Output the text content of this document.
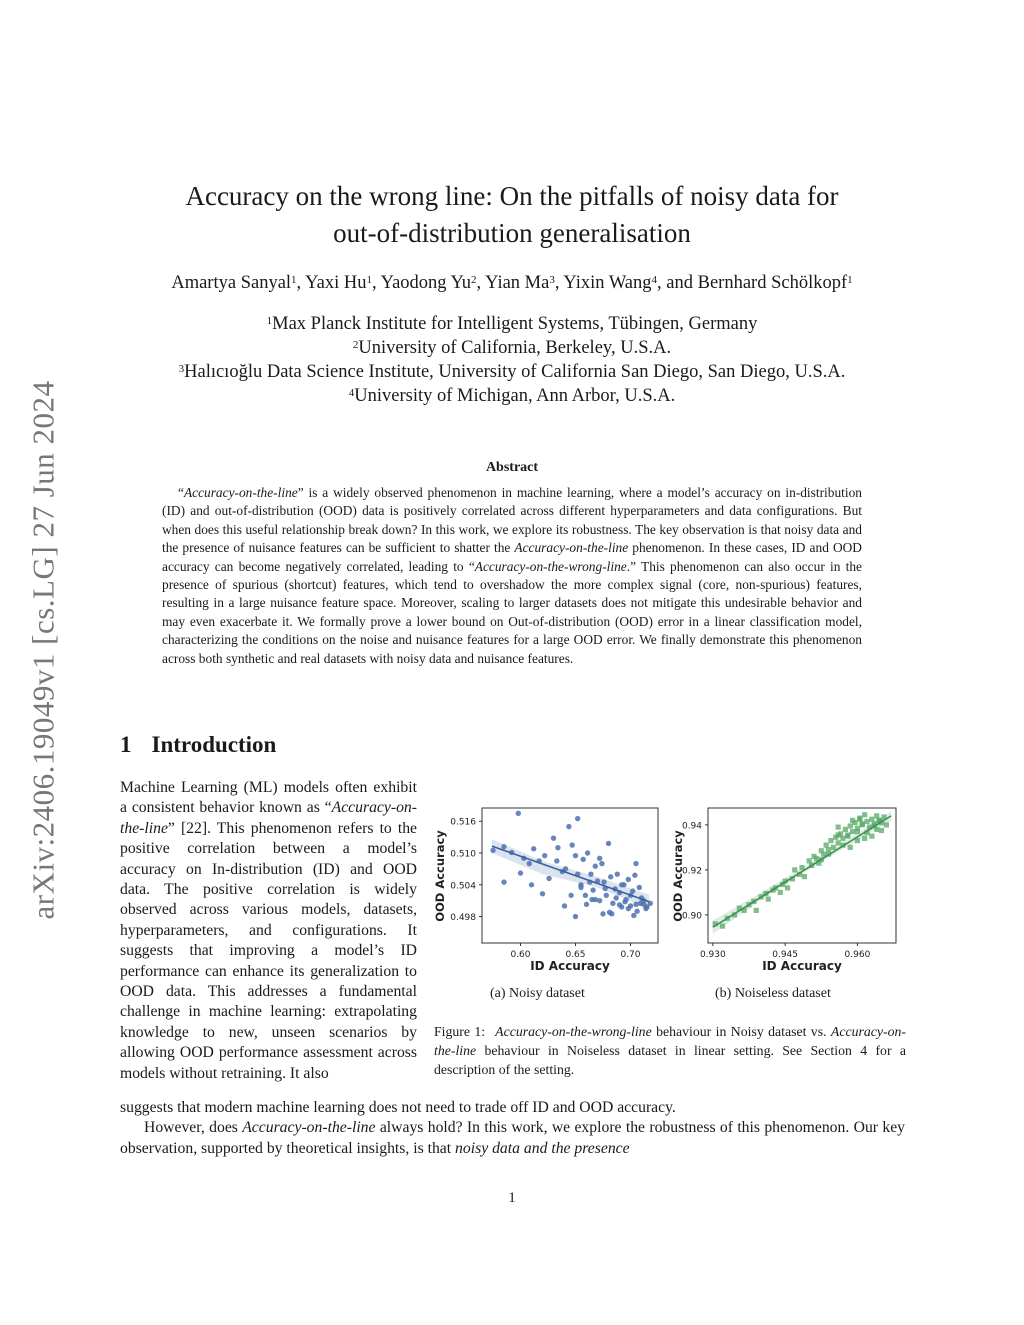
arXiv:2406.19049v1 [cs.LG] 27 Jun 2024
Accuracy on the wrong line: On the pitfalls of noisy data for
out-of-distribution generalisation
Amartya Sanyal$^1$, Yaxi Hu$^1$, Yaodong Yu$^2$, Yian Ma$^3$, Yixin Wang$^4$, and Bernhard Schölkopf$^1$
$^1$Max Planck Institute for Intelligent Systems, Tübingen, Germany
$^2$University of California, Berkeley, U.S.A.
$^3$Halıcıoğlu Data Science Institute, University of California San Diego, San Diego, U.S.A.
$^4$University of Michigan, Ann Arbor, U.S.A.
Abstract

“Accuracy-on-the-line” is a widely observed phenomenon in machine learning, where a model’s accuracy on in-distribution (ID) and out-of-distribution (OOD) data is positively correlated across different hyperparameters and data configurations. But when does this useful relationship break down? In this work, we explore its robustness. The key observation is that noisy data and the presence of nuisance features can be sufficient to shatter the Accuracy-on-the-line phenomenon. In these cases, ID and OOD accuracy can become negatively correlated, leading to “Accuracy-on-the-wrong-line.” This phenomenon can also occur in the presence of spurious (shortcut) features, which tend to overshadow the more complex signal (core, non-spurious) features, resulting in a large nuisance feature space. Moreover, scaling to larger datasets does not mitigate this undesirable behavior and may even exacerbate it. We formally prove a lower bound on Out-of-distribution (OOD) error in a linear classification model, characterizing the conditions on the noise and nuisance features for a large OOD error. We finally demonstrate this phenomenon across both synthetic and real datasets with noisy data and nuisance features.

1 Introduction

Machine Learning (ML) models often exhibit a consistent behavior known as “Accuracy-on-the-line” [22]. This phenomenon refers to the positive correlation between a model’s accuracy on In-distribution (ID) and OOD data. The positive correlation is widely observed across various models, datasets, hyperparameters, and configurations. It suggests that improving a model’s ID performance can enhance its generalization to OOD data. This addresses a fundamental challenge in machine learning: extrapolating knowledge to new, unseen scenarios by allowing OOD performance assessment across models without retraining. It also

suggests that modern machine learning does not need to trade off ID and OOD accuracy.

However, does Accuracy-on-the-line always hold? In this work, we explore the robustness of this phenomenon. Our key observation, supported by theoretical insights, is that noisy data and the presence

0.498
0.504
0.510
0.516
0.60	0.65	0.70
ID Accuracy
OOD Accuracy	0.90
0.92
0.94
0.930	0.945	0.960
ID Accuracy
OOD Accuracy
(a) Noisy dataset	(b) Noiseless dataset
Figure 1: Accuracy-on-the-wrong-line behaviour in Noisy dataset vs. Accuracy-on-the-line behaviour in Noiseless dataset in linear setting. See Section 4 for a description of the setting.
1
